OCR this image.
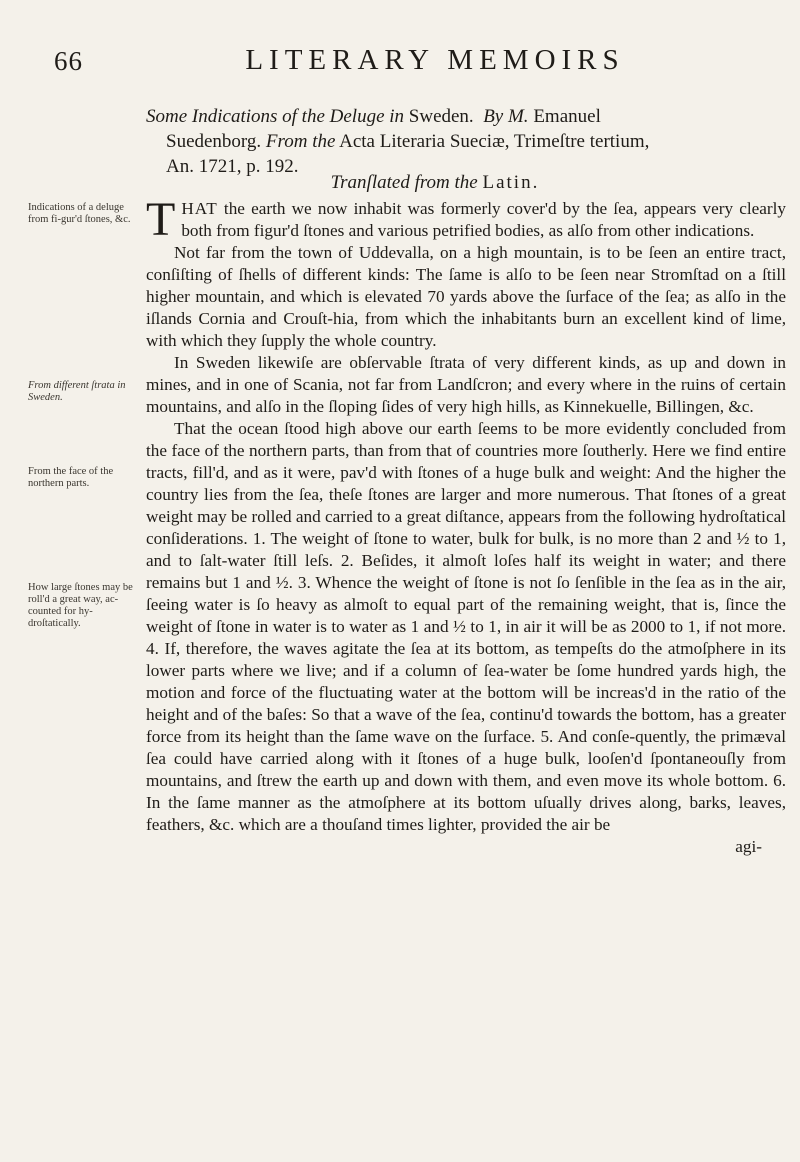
66	LITERARY MEMOIRS
Some Indications of the Deluge in Sweden. By M. Emanuel
Suedenborg. From the Acta Literaria Sueciæ, Trimeſtre tertium,
An. 1721, p. 192.
Tranſlated from the Latin.
Indications of a deluge from fi-gur'd ſtones, &c.
From different ſtrata in Sweden.
From the face of the northern parts.
How large ſtones may be roll'd a great way, ac-counted for hy-droſtatically.

THAT the earth we now inhabit was formerly cover'd by the ſea, appears very clearly both from figur'd ſtones and various petrified bodies, as alſo from other indications.

Not far from the town of Uddevalla, on a high mountain, is to be ſeen an entire tract, conſiſting of ſhells of different kinds: The ſame is alſo to be ſeen near Stromſtad on a ſtill higher mountain, and which is elevated 70 yards above the ſurface of the ſea; as alſo in the iſlands Cornia and Crouſt-hia, from which the inhabitants burn an excellent kind of lime, with which they ſupply the whole country.

In Sweden likewiſe are obſervable ſtrata of very different kinds, as up and down in mines, and in one of Scania, not far from Landſcron; and every where in the ruins of certain mountains, and alſo in the ſloping ſides of very high hills, as Kinnekuelle, Billingen, &c.

That the ocean ſtood high above our earth ſeems to be more evidently concluded from the face of the northern parts, than from that of countries more ſoutherly. Here we find entire tracts, fill'd, and as it were, pav'd with ſtones of a huge bulk and weight: And the higher the country lies from the ſea, theſe ſtones are larger and more numerous. That ſtones of a great weight may be rolled and carried to a great diſtance, appears from the following hydroſtatical conſiderations. 1. The weight of ſtone to water, bulk for bulk, is no more than 2 and ½ to 1, and to ſalt-water ſtill leſs. 2. Beſides, it almoſt loſes half its weight in water; and there remains but 1 and ½. 3. Whence the weight of ſtone is not ſo ſenſible in the ſea as in the air, ſeeing water is ſo heavy as almoſt to equal part of the remaining weight, that is, ſince the weight of ſtone in water is to water as 1 and ½ to 1, in air it will be as 2000 to 1, if not more. 4. If, therefore, the waves agitate the ſea at its bottom, as tempeſts do the atmoſphere in its lower parts where we live; and if a column of ſea-water be ſome hundred yards high, the motion and force of the fluctuating water at the bottom will be increas'd in the ratio of the height and of the baſes: So that a wave of the ſea, continu'd towards the bottom, has a greater force from its height than the ſame wave on the ſurface. 5. And conſe-quently, the primæval ſea could have carried along with it ſtones of a huge bulk, looſen'd ſpontaneouſly from mountains, and ſtrew the earth up and down with them, and even move its whole bottom. 6. In the ſame manner as the atmoſphere at its bottom uſually drives along, barks, leaves, feathers, &c. which are a thouſand times lighter, provided the air be

agi-
